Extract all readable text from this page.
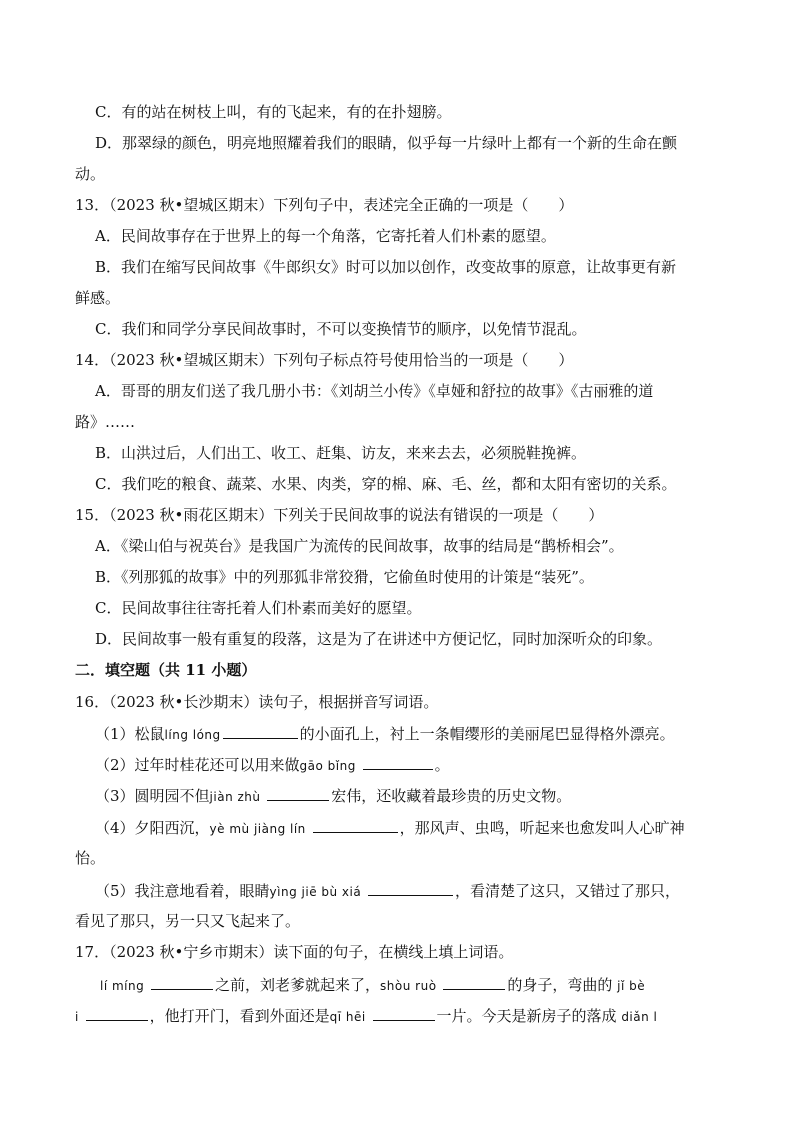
C．有的站在树枝上叫，有的飞起来，有的在扑翅膀。
D．那翠绿的颜色，明亮地照耀着我们的眼睛，似乎每一片绿叶上都有一个新的生命在颤
动。
13．（2023 秋•望城区期末）下列句子中，表述完全正确的一项是（　　）
A．民间故事存在于世界上的每一个角落，它寄托着人们朴素的愿望。
B．我们在缩写民间故事《牛郎织女》时可以加以创作，改变故事的原意，让故事更有新
鲜感。
C．我们和同学分享民间故事时，不可以变换情节的顺序，以免情节混乱。
14．（2023 秋•望城区期末）下列句子标点符号使用恰当的一项是（　　）
A．哥哥的朋友们送了我几册小书：《刘胡兰小传》《卓娅和舒拉的故事》《古丽雅的道
路》……
B．山洪过后，人们出工、收工、赶集、访友，来来去去，必须脱鞋挽裤。
C．我们吃的粮食、蔬菜、水果、肉类，穿的棉、麻、毛、丝，都和太阳有密切的关系。
15．（2023 秋•雨花区期末）下列关于民间故事的说法有错误的一项是（　　）
A．《梁山伯与祝英台》是我国广为流传的民间故事，故事的结局是“鹊桥相会”。
B．《列那狐的故事》中的列那狐非常狡猾，它偷鱼时使用的计策是“装死”。
C．民间故事往往寄托着人们朴素而美好的愿望。
D．民间故事一般有重复的段落，这是为了在讲述中方便记忆，同时加深听众的印象。
二．填空题（共 11 小题）
16．（2023 秋•长沙期末）读句子，根据拼音写词语。
（1）松鼠líng lóng	的小面孔上，衬上一条帽缨形的美丽尾巴显得格外漂亮。
（2）过年时桂花还可以用来做gāo bǐng	。
（3）圆明园不但jiàn zhù	宏伟，还收藏着最珍贵的历史文物。
（4）夕阳西沉，yè mù jiàng lín	，那风声、虫鸣，听起来也愈发叫人心旷神
怡。
（5）我注意地看着，眼睛yìng jiē bù xiá	，看清楚了这只，又错过了那只，
看见了那只，另一只又飞起来了。
17．（2023 秋•宁乡市期末）读下面的句子，在横线上填上词语。
lí míng	之前，刘老爹就起来了，shòu ruò	的身子，弯曲的 jǐ bè
i	，他打开门，看到外面还是qī hēi	一片。今天是新房子的落成 diǎn l
